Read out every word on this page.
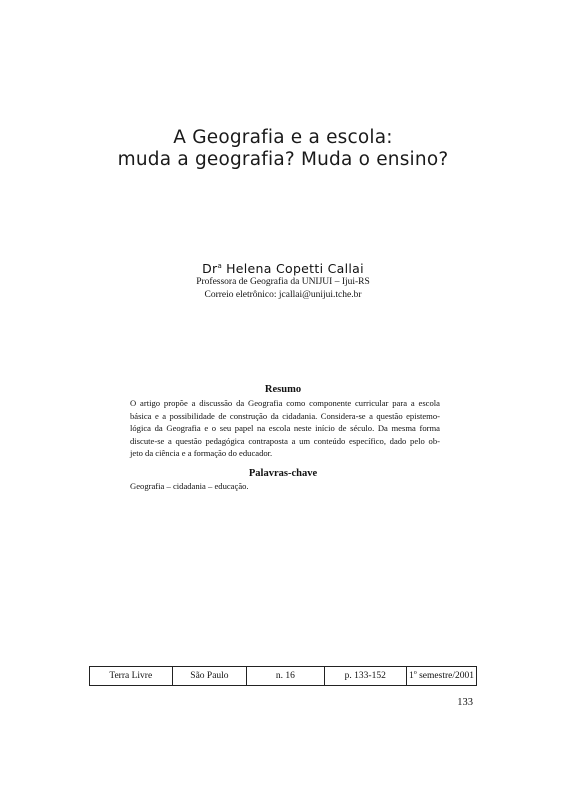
A Geografia e a escola:
muda a geografia? Muda o ensino?
Dr$^a$ Helena Copetti Callai
Professora de Geografia da UNIJUI – Ijui-RS
Correio eletrônico: jcallai@unijui.tche.br
Resumo
O artigo propõe a discussão da Geografia como componente curricular para a escola
básica e a possibilidade de construção da cidadania. Considera-se a questão epistemo-
lógica da Geografia e o seu papel na escola neste início de século. Da mesma forma
discute-se a questão pedagógica contraposta a um conteúdo específico, dado pelo ob-
jeto da ciência e a formação do educador.
Palavras-chave
Geografia – cidadania – educação.
Terra Livre	São Paulo	n. 16	p. 133-152	1$^o$ semestre/2001
133
